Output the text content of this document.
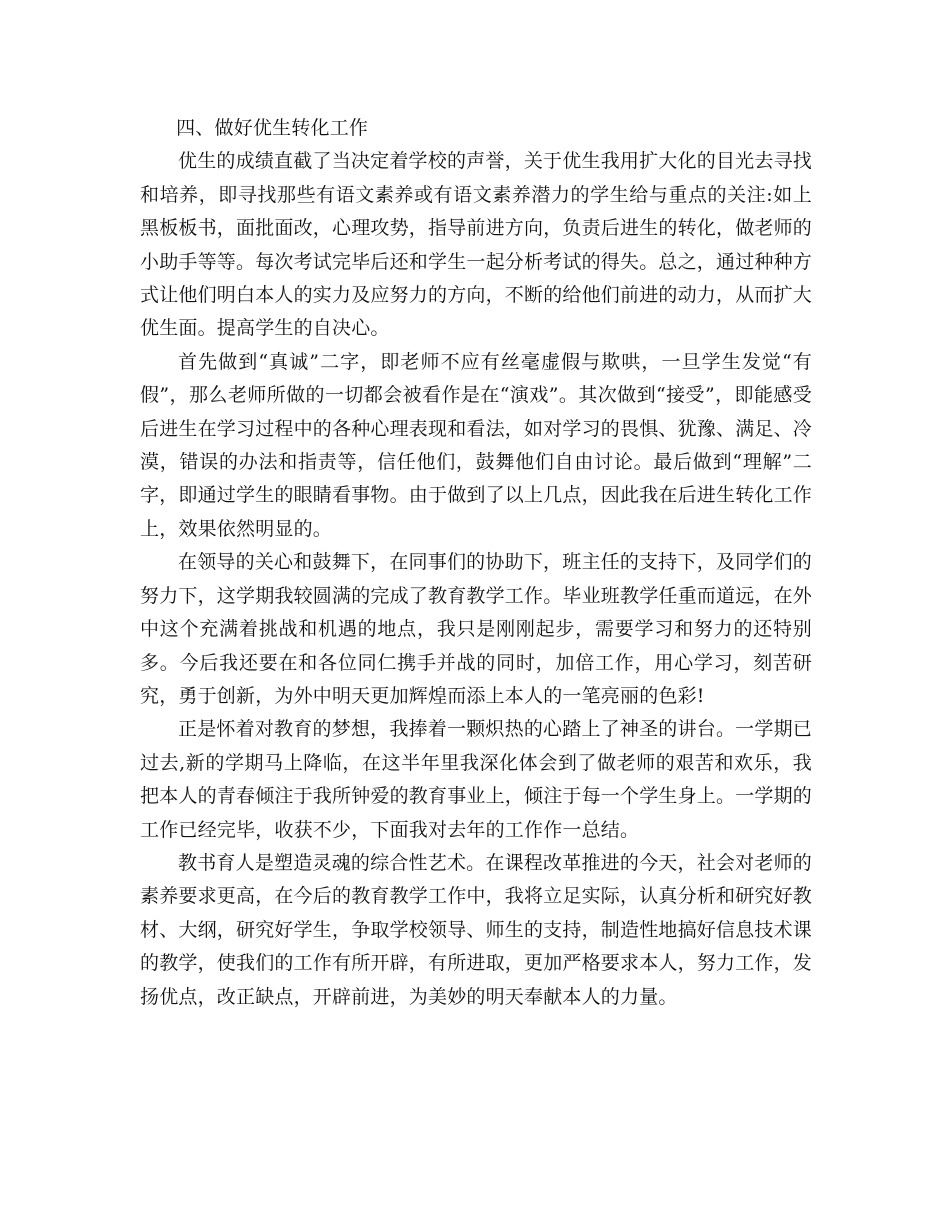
四、做好优生转化工作

优生的成绩直截了当决定着学校的声誉，关于优生我用扩大化的目光去寻找和培养，即寻找那些有语文素养或有语文素养潜力的学生给与重点的关注:如上黑板板书，面批面改，心理攻势，指导前进方向，负责后进生的转化，做老师的小助手等等。每次考试完毕后还和学生一起分析考试的得失。总之，通过种种方式让他们明白本人的实力及应努力的方向，不断的给他们前进的动力，从而扩大优生面。提高学生的自决心。

首先做到“真诚”二字，即老师不应有丝毫虚假与欺哄，一旦学生发觉“有假”，那么老师所做的一切都会被看作是在“演戏”。其次做到“接受”，即能感受后进生在学习过程中的各种心理表现和看法，如对学习的畏惧、犹豫、满足、冷漠，错误的办法和指责等，信任他们，鼓舞他们自由讨论。最后做到“理解”二字，即通过学生的眼睛看事物。由于做到了以上几点，因此我在后进生转化工作上，效果依然明显的。

在领导的关心和鼓舞下，在同事们的协助下，班主任的支持下，及同学们的努力下，这学期我较圆满的完成了教育教学工作。毕业班教学任重而道远，在外中这个充满着挑战和机遇的地点，我只是刚刚起步，需要学习和努力的还特别多。今后我还要在和各位同仁携手并战的同时，加倍工作，用心学习，刻苦研究，勇于创新，为外中明天更加辉煌而添上本人的一笔亮丽的色彩!

正是怀着对教育的梦想，我捧着一颗炽热的心踏上了神圣的讲台。一学期已过去,新的学期马上降临，在这半年里我深化体会到了做老师的艰苦和欢乐，我把本人的青春倾注于我所钟爱的教育事业上，倾注于每一个学生身上。一学期的工作已经完毕，收获不少，下面我对去年的工作作一总结。

教书育人是塑造灵魂的综合性艺术。在课程改革推进的今天，社会对老师的素养要求更高，在今后的教育教学工作中，我将立足实际，认真分析和研究好教材、大纲，研究好学生，争取学校领导、师生的支持，制造性地搞好信息技术课的教学，使我们的工作有所开辟，有所进取，更加严格要求本人，努力工作，发扬优点，改正缺点，开辟前进，为美妙的明天奉献本人的力量。
